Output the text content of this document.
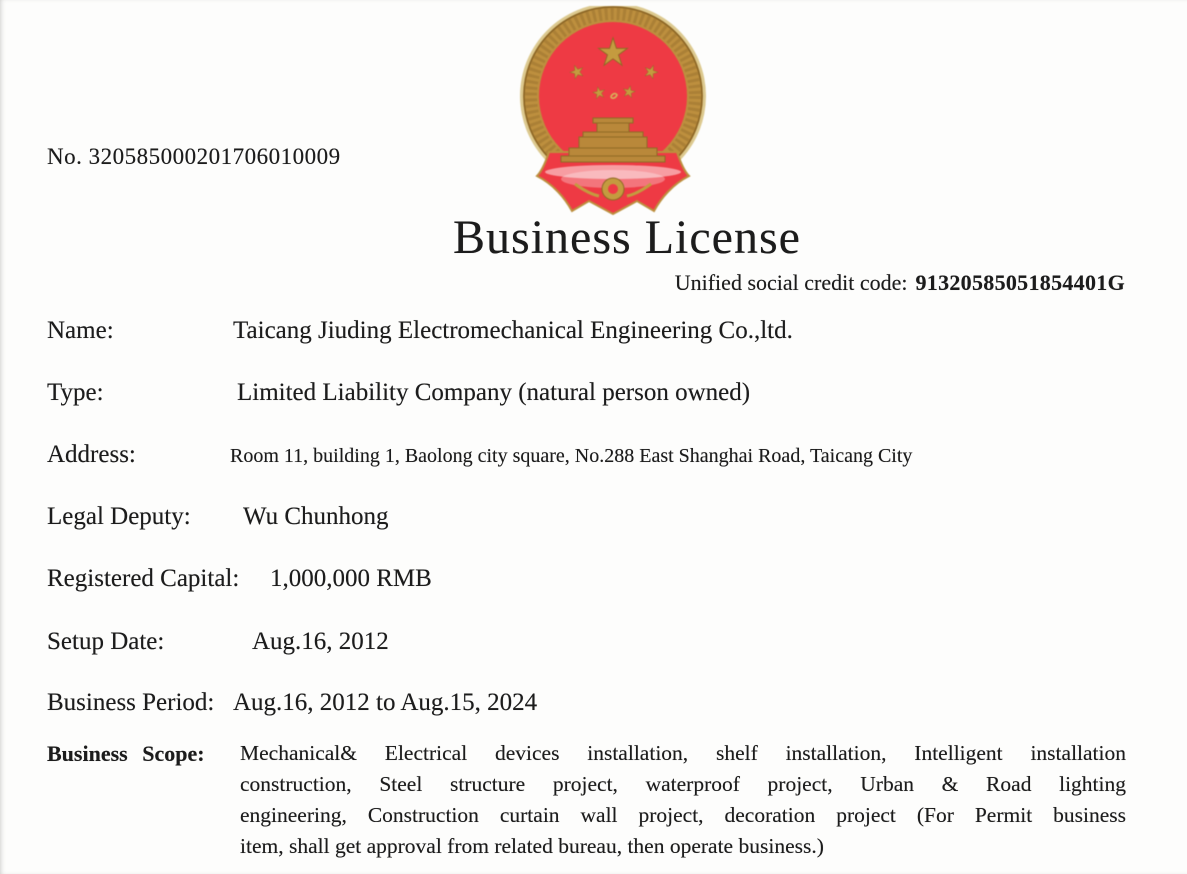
No. 320585000201706010009
Business License
Unified social credit code: 91320585051854401G
Name:	Taicang Jiuding Electromechanical Engineering Co.,ltd.
Type:	Limited Liability Company (natural person owned)
Address:	Room 11, building 1, Baolong city square, No.288 East Shanghai Road, Taicang City
Legal Deputy: Wu Chunhong
Registered Capital: 1,000,000 RMB
Setup Date:	Aug.16, 2012
Business Period: Aug.16, 2012 to Aug.15, 2024
Business Scope: Mechanical& Electrical devices installation, shelf installation, Intelligent installation
construction, Steel structure project, waterproof project, Urban & Road lighting
engineering, Construction curtain wall project, decoration project (For Permit business
item, shall get approval from related bureau, then operate business.)
